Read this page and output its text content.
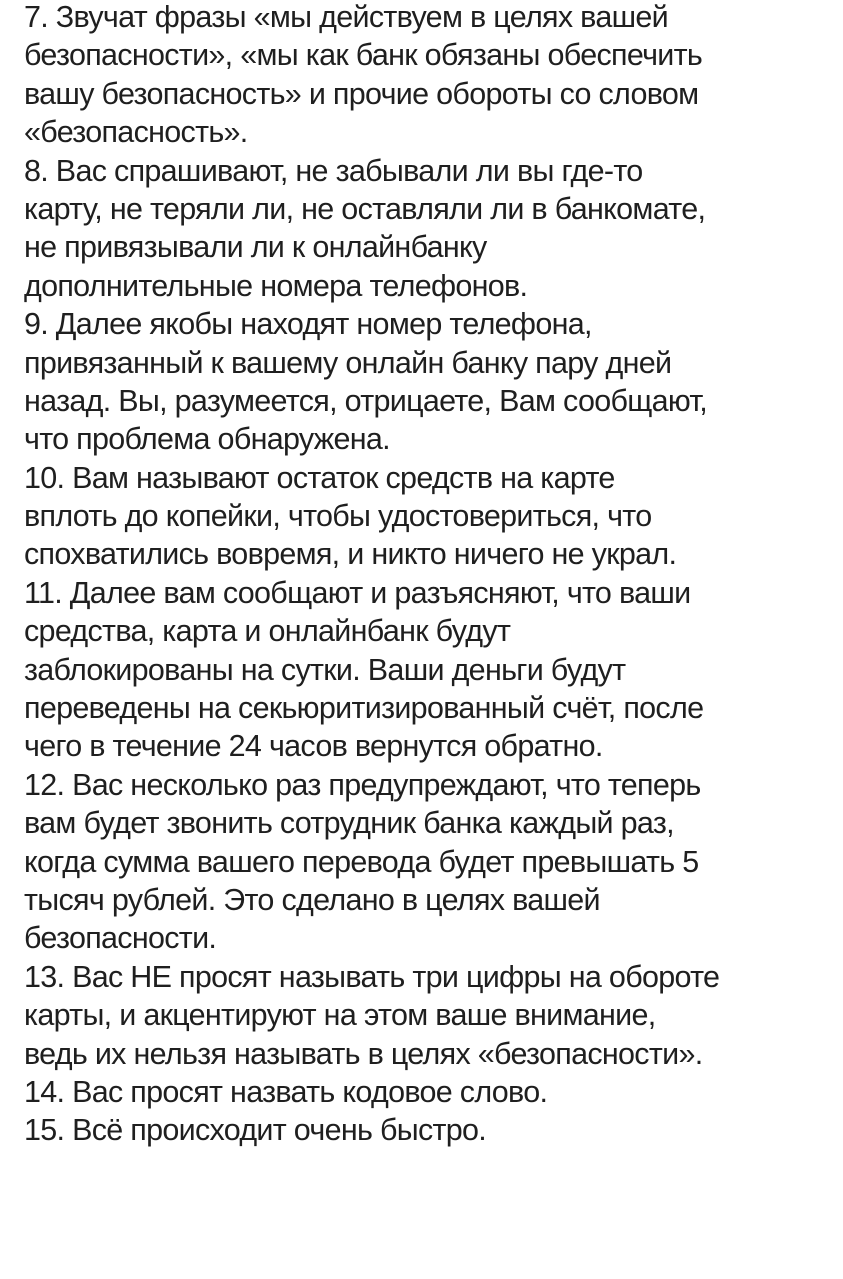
7. Звучат фразы «мы действуем в целях вашей
безопасности», «мы как банк обязаны обеспечить
вашу безопасность» и прочие обороты со словом
«безопасность».
8. Вас спрашивают, не забывали ли вы где-то
карту, не теряли ли, не оставляли ли в банкомате,
не привязывали ли к онлайнбанку
дополнительные номера телефонов.
9. Далее якобы находят номер телефона,
привязанный к вашему онлайн банку пару дней
назад. Вы, разумеется, отрицаете, Вам сообщают,
что проблема обнаружена.
10. Вам называют остаток средств на карте
вплоть до копейки, чтобы удостовериться, что
спохватились вовремя, и никто ничего не украл.
11. Далее вам сообщают и разъясняют, что ваши
средства, карта и онлайнбанк будут
заблокированы на сутки. Ваши деньги будут
переведены на секьюритизированный счёт, после
чего в течение 24 часов вернутся обратно.
12. Вас несколько раз предупреждают, что теперь
вам будет звонить сотрудник банка каждый раз,
когда сумма вашего перевода будет превышать 5
тысяч рублей. Это сделано в целях вашей
безопасности.
13. Вас НЕ просят называть три цифры на обороте
карты, и акцентируют на этом ваше внимание,
ведь их нельзя называть в целях «безопасности».
14. Вас просят назвать кодовое слово.
15. Всё происходит очень быстро.
